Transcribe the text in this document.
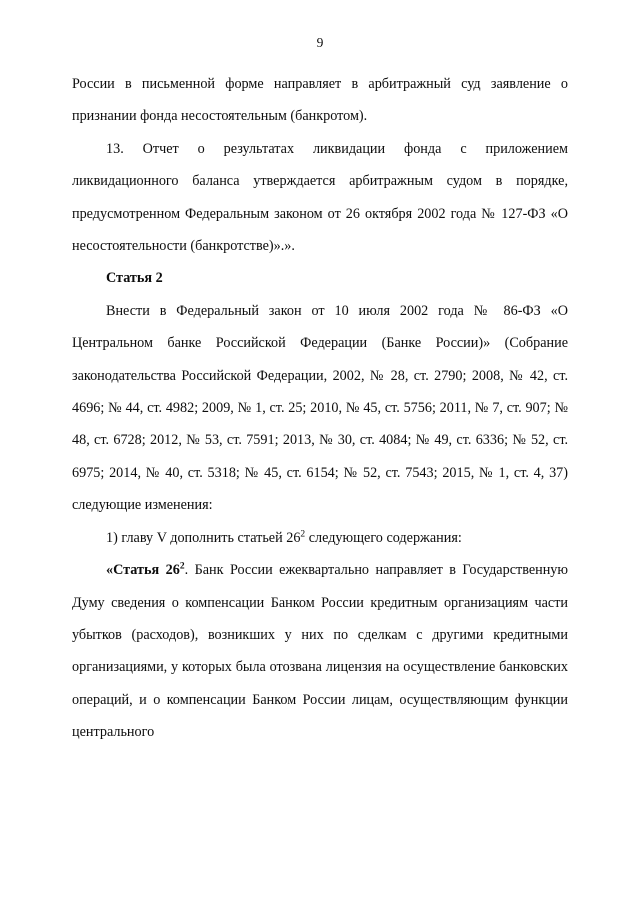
9

России в письменной форме направляет в арбитражный суд заявление о признании фонда несостоятельным (банкротом).

13. Отчет о результатах ликвидации фонда с приложением ликвидационного баланса утверждается арбитражным судом в порядке, предусмотренном Федеральным законом от 26 октября 2002 года № 127-ФЗ «О несостоятельности (банкротстве)».».

Статья 2

Внести в Федеральный закон от 10 июля 2002 года № 86-ФЗ «О Центральном банке Российской Федерации (Банке России)» (Собрание законодательства Российской Федерации, 2002, № 28, ст. 2790; 2008, № 42, ст. 4696; № 44, ст. 4982; 2009, № 1, ст. 25; 2010, № 45, ст. 5756; 2011, № 7, ст. 907; № 48, ст. 6728; 2012, № 53, ст. 7591; 2013, № 30, ст. 4084; № 49, ст. 6336; № 52, ст. 6975; 2014, № 40, ст. 5318; № 45, ст. 6154; № 52, ст. 7543; 2015, № 1, ст. 4, 37) следующие изменения:

1) главу V дополнить статьей $26^2$ следующего содержания:

«Статья $26^2$. Банк России ежеквартально направляет в Государственную Думу сведения о компенсации Банком России кредитным организациям части убытков (расходов), возникших у них по сделкам с другими кредитными организациями, у которых была отозвана лицензия на осуществление банковских операций, и о компенсации Банком России лицам, осуществляющим функции центрального
